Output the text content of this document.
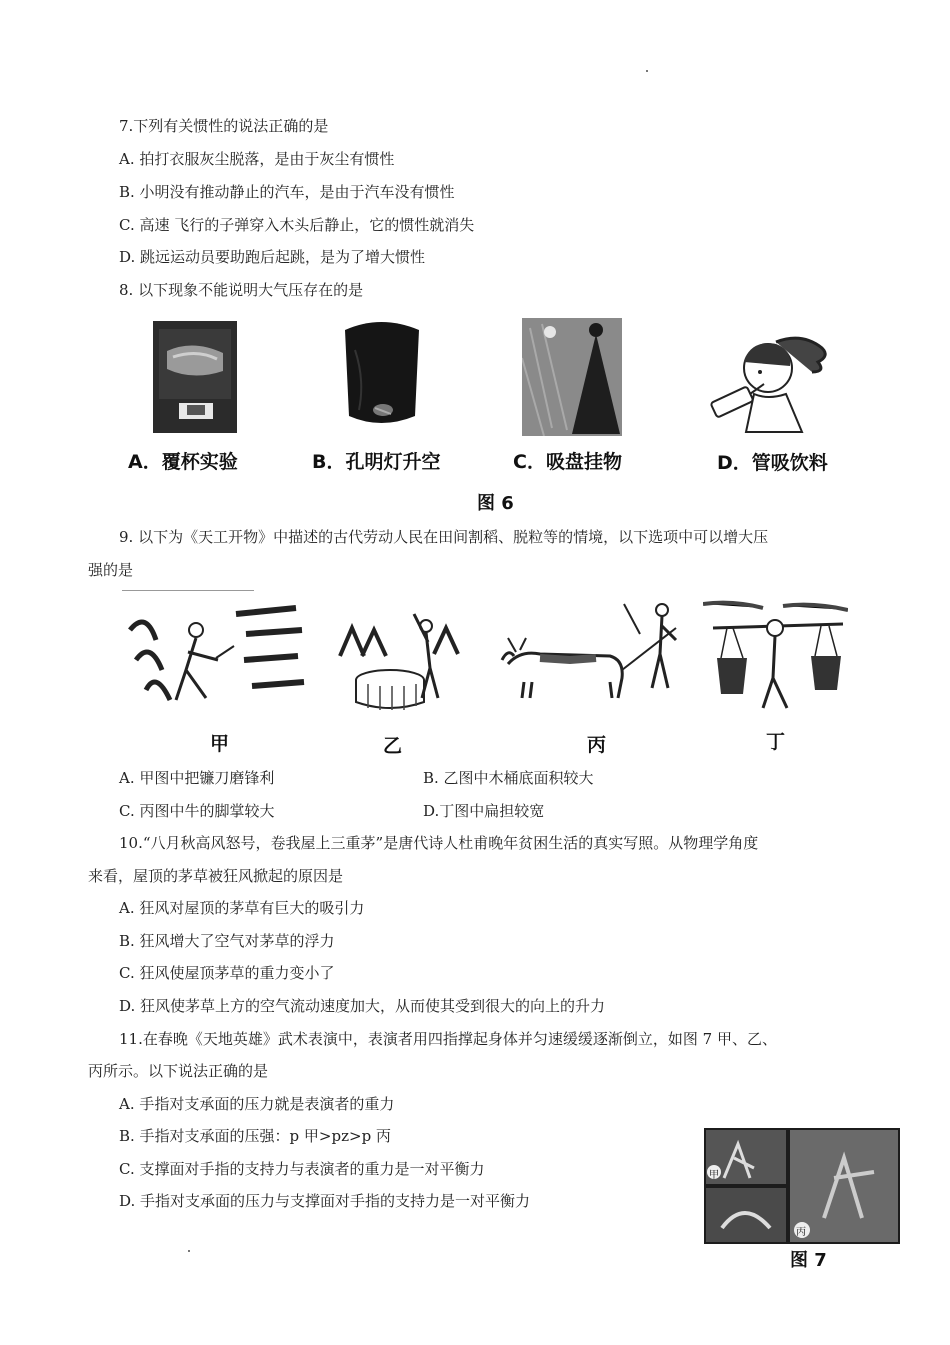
7.下列有关惯性的说法正确的是
A. 拍打衣服灰尘脱落，是由于灰尘有惯性
B. 小明没有推动静止的汽车，是由于汽车没有惯性
C. 高速 飞行的子弹穿入木头后静止，它的惯性就消失
D. 跳远运动员要助跑后起跳，是为了增大惯性
8. 以下现象不能说明大气压存在的是
A．覆杯实验	B．孔明灯升空	C．吸盘挂物	D．管吸饮料
图 6
9. 以下为《天工开物》中描述的古代劳动人民在田间割稻、脱粒等的情境，以下选项中可以增大压
强的是
甲	乙	丙	丁
A. 甲图中把镰刀磨锋利	B. 乙图中木桶底面积较大
C. 丙图中牛的脚掌较大	D.丁图中扁担较宽
10.“八月秋高风怒号，卷我屋上三重茅”是唐代诗人杜甫晚年贫困生活的真实写照。从物理学角度
来看，屋顶的茅草被狂风掀起的原因是
A. 狂风对屋顶的茅草有巨大的吸引力
B. 狂风增大了空气对茅草的浮力
C. 狂风使屋顶茅草的重力变小了
D. 狂风使茅草上方的空气流动速度加大，从而使其受到很大的向上的升力
11.在春晚《天地英雄》武术表演中，表演者用四指撑起身体并匀速缓缓逐渐倒立，如图 7 甲、乙、
丙所示。以下说法正确的是
A. 手指对支承面的压力就是表演者的重力
B. 手指对支承面的压强：p 甲>pz>p 丙
C. 支撑面对手指的支持力与表演者的重力是一对平衡力
D. 手指对支承面的压力与支撑面对手指的支持力是一对平衡力
甲
丙
图 7
